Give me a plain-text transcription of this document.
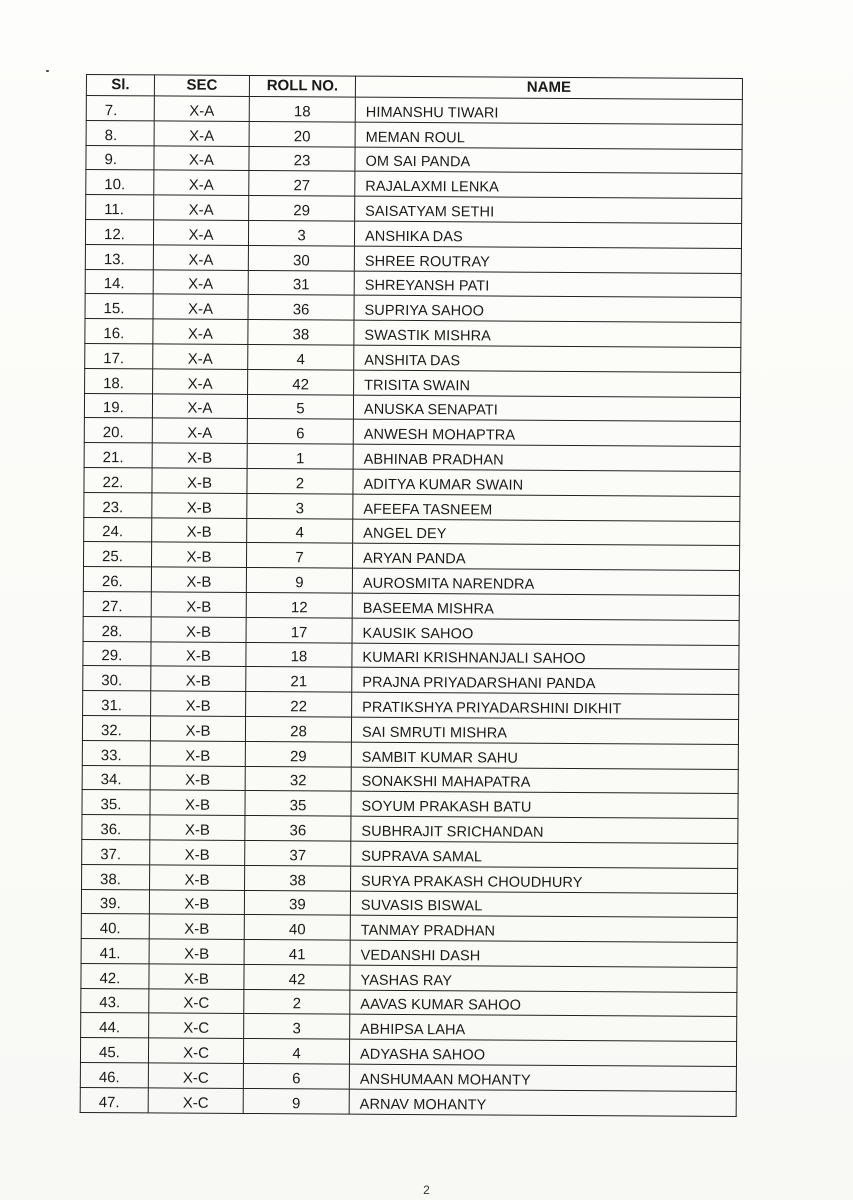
Sl.	SEC	ROLL NO.	NAME
7.	X-A	18	HIMANSHU TIWARI
8.	X-A	20	MEMAN ROUL
9.	X-A	23	OM SAI PANDA
10.	X-A	27	RAJALAXMI LENKA
11.	X-A	29	SAISATYAM SETHI
12.	X-A	3	ANSHIKA DAS
13.	X-A	30	SHREE ROUTRAY
14.	X-A	31	SHREYANSH PATI
15.	X-A	36	SUPRIYA SAHOO
16.	X-A	38	SWASTIK MISHRA
17.	X-A	4	ANSHITA DAS
18.	X-A	42	TRISITA SWAIN
19.	X-A	5	ANUSKA SENAPATI
20.	X-A	6	ANWESH MOHAPTRA
21.	X-B	1	ABHINAB PRADHAN
22.	X-B	2	ADITYA KUMAR SWAIN
23.	X-B	3	AFEEFA TASNEEM
24.	X-B	4	ANGEL DEY
25.	X-B	7	ARYAN PANDA
26.	X-B	9	AUROSMITA NARENDRA
27.	X-B	12	BASEEMA MISHRA
28.	X-B	17	KAUSIK SAHOO
29.	X-B	18	KUMARI KRISHNANJALI SAHOO
30.	X-B	21	PRAJNA PRIYADARSHANI PANDA
31.	X-B	22	PRATIKSHYA PRIYADARSHINI DIKHIT
32.	X-B	28	SAI SMRUTI MISHRA
33.	X-B	29	SAMBIT KUMAR SAHU
34.	X-B	32	SONAKSHI MAHAPATRA
35.	X-B	35	SOYUM PRAKASH BATU
36.	X-B	36	SUBHRAJIT SRICHANDAN
37.	X-B	37	SUPRAVA SAMAL
38.	X-B	38	SURYA PRAKASH CHOUDHURY
39.	X-B	39	SUVASIS BISWAL
40.	X-B	40	TANMAY PRADHAN
41.	X-B	41	VEDANSHI DASH
42.	X-B	42	YASHAS RAY
43.	X-C	2	AAVAS KUMAR SAHOO
44.	X-C	3	ABHIPSA LAHA
45.	X-C	4	ADYASHA SAHOO
46.	X-C	6	ANSHUMAAN MOHANTY
47.	X-C	9	ARNAV MOHANTY
2
